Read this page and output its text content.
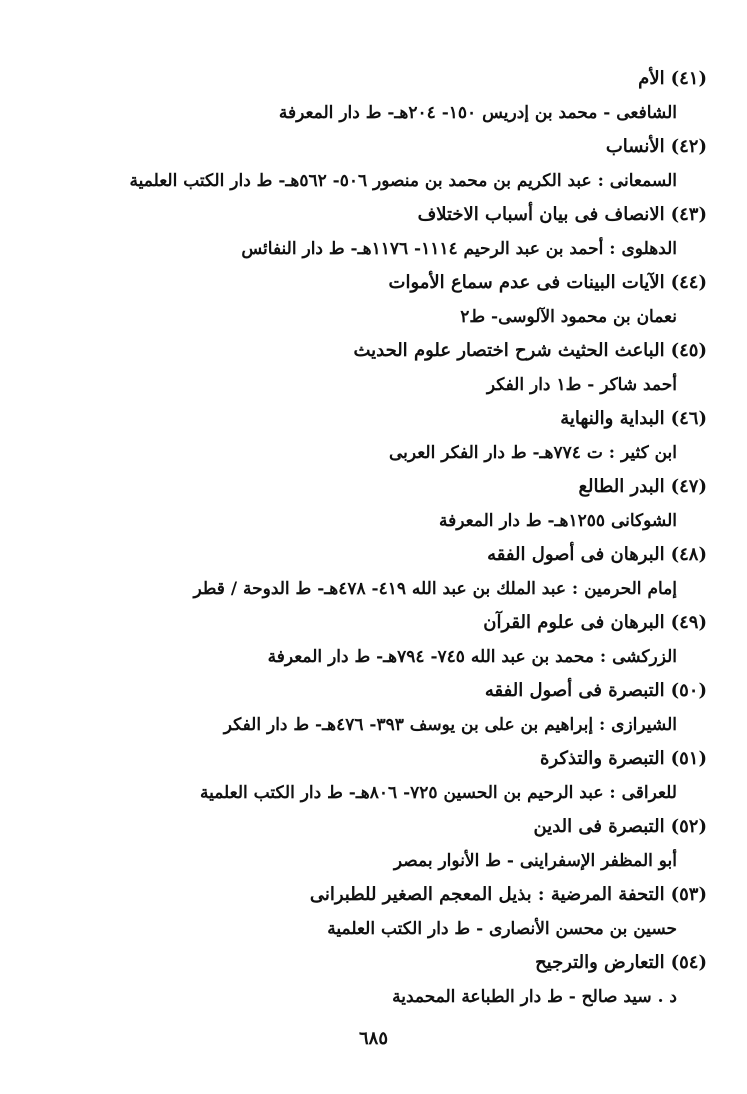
(٤١)الأم
الشافعى - محمد بن إدريس ١٥٠- ٢٠٤هـ- ط دار المعرفة
(٤٢)الأنساب
السمعانى : عبد الكريم بن محمد بن منصور ٥٠٦- ٥٦٢هـ- ط دار الكتب العلمية
(٤٣)الانصاف فى بيان أسباب الاختلاف
الدهلوى : أحمد بن عبد الرحيم ١١١٤- ١١٧٦هـ- ط دار النفائس
(٤٤)الآيات البينات فى عدم سماع الأموات
نعمان بن محمود الآلوسى- ط٢
(٤٥)الباعث الحثيث شرح اختصار علوم الحديث
أحمد شاكر - ط١ دار الفكر
(٤٦)البداية والنهاية
ابن كثير : ت ٧٧٤هـ- ط دار الفكر العربى
(٤٧)البدر الطالع
الشوكانى ١٢٥٥هـ- ط دار المعرفة
(٤٨)البرهان فى أصول الفقه
إمام الحرمين : عبد الملك بن عبد الله ٤١٩- ٤٧٨هـ- ط الدوحة / قطر
(٤٩)البرهان فى علوم القرآن
الزركشى : محمد بن عبد الله ٧٤٥- ٧٩٤هـ- ط دار المعرفة
(٥٠)التبصرة فى أصول الفقه
الشيرازى : إبراهيم بن على بن يوسف ٣٩٣- ٤٧٦هـ- ط دار الفكر
(٥١)التبصرة والتذكرة
للعراقى : عبد الرحيم بن الحسين ٧٢٥- ٨٠٦هـ- ط دار الكتب العلمية
(٥٢)التبصرة فى الدين
أبو المظفر الإسفراينى - ط الأنوار بمصر
(٥٣)التحفة المرضية : بذيل المعجم الصغير للطبرانى
حسين بن محسن الأنصارى - ط دار الكتب العلمية
(٥٤)التعارض والترجيح
د . سيد صالح - ط دار الطباعة المحمدية
٦٨٥
